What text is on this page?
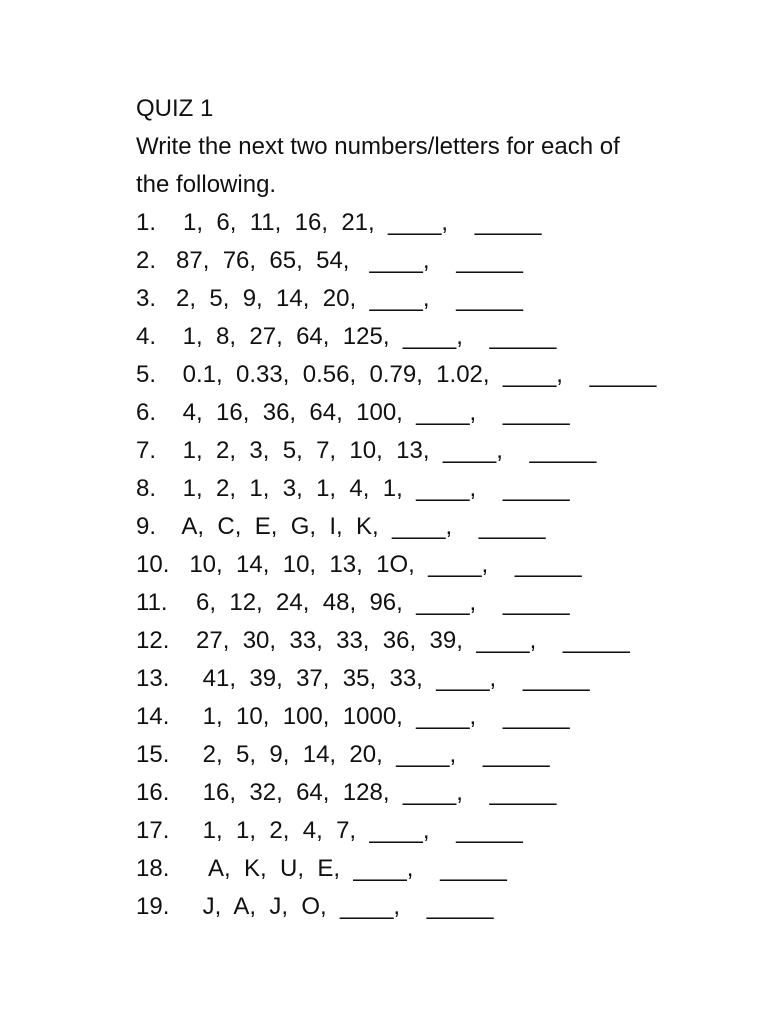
QUIZ 1
Write the next two numbers/letters for each of
the following.
1.	1,  6,  11,  16,  21,  ____,    _____
2. 87,  76,  65,  54,   ____,    _____
3. 2,  5,  9,  14,  20,  ____,    _____
4. 1,  8,  27,  64,  125,  ____,    _____
5. 0.1,  0.33,  0.56,  0.79,  1.02,  ____,    _____
6. 4,  16,  36,  64,  100,  ____,    _____
7. 1,  2,  3,  5,  7,  10,  13,  ____,    _____
8. 1,  2,  1,  3,  1,  4,  1,  ____,    _____
9. A,  C,  E,  G,  I,  K,  ____,    _____
10. 10,  14,  10,  13,  1O,  ____,    _____
11. 6,  12,  24,  48,  96,  ____,    _____
12. 27,  30,  33,  33,  36,  39,  ____,    _____
13. 41,  39,  37,  35,  33,  ____,    _____
14. 1,  10,  100,  1000,  ____,    _____
15. 2,  5,  9,  14,  20,  ____,    _____
16. 16,  32,  64,  128,  ____,    _____
17. 1,  1,  2,  4,  7,  ____,    _____
18. A,  K,  U,  E,  ____,    _____
19. J,  A,  J,  O,  ____,    _____
